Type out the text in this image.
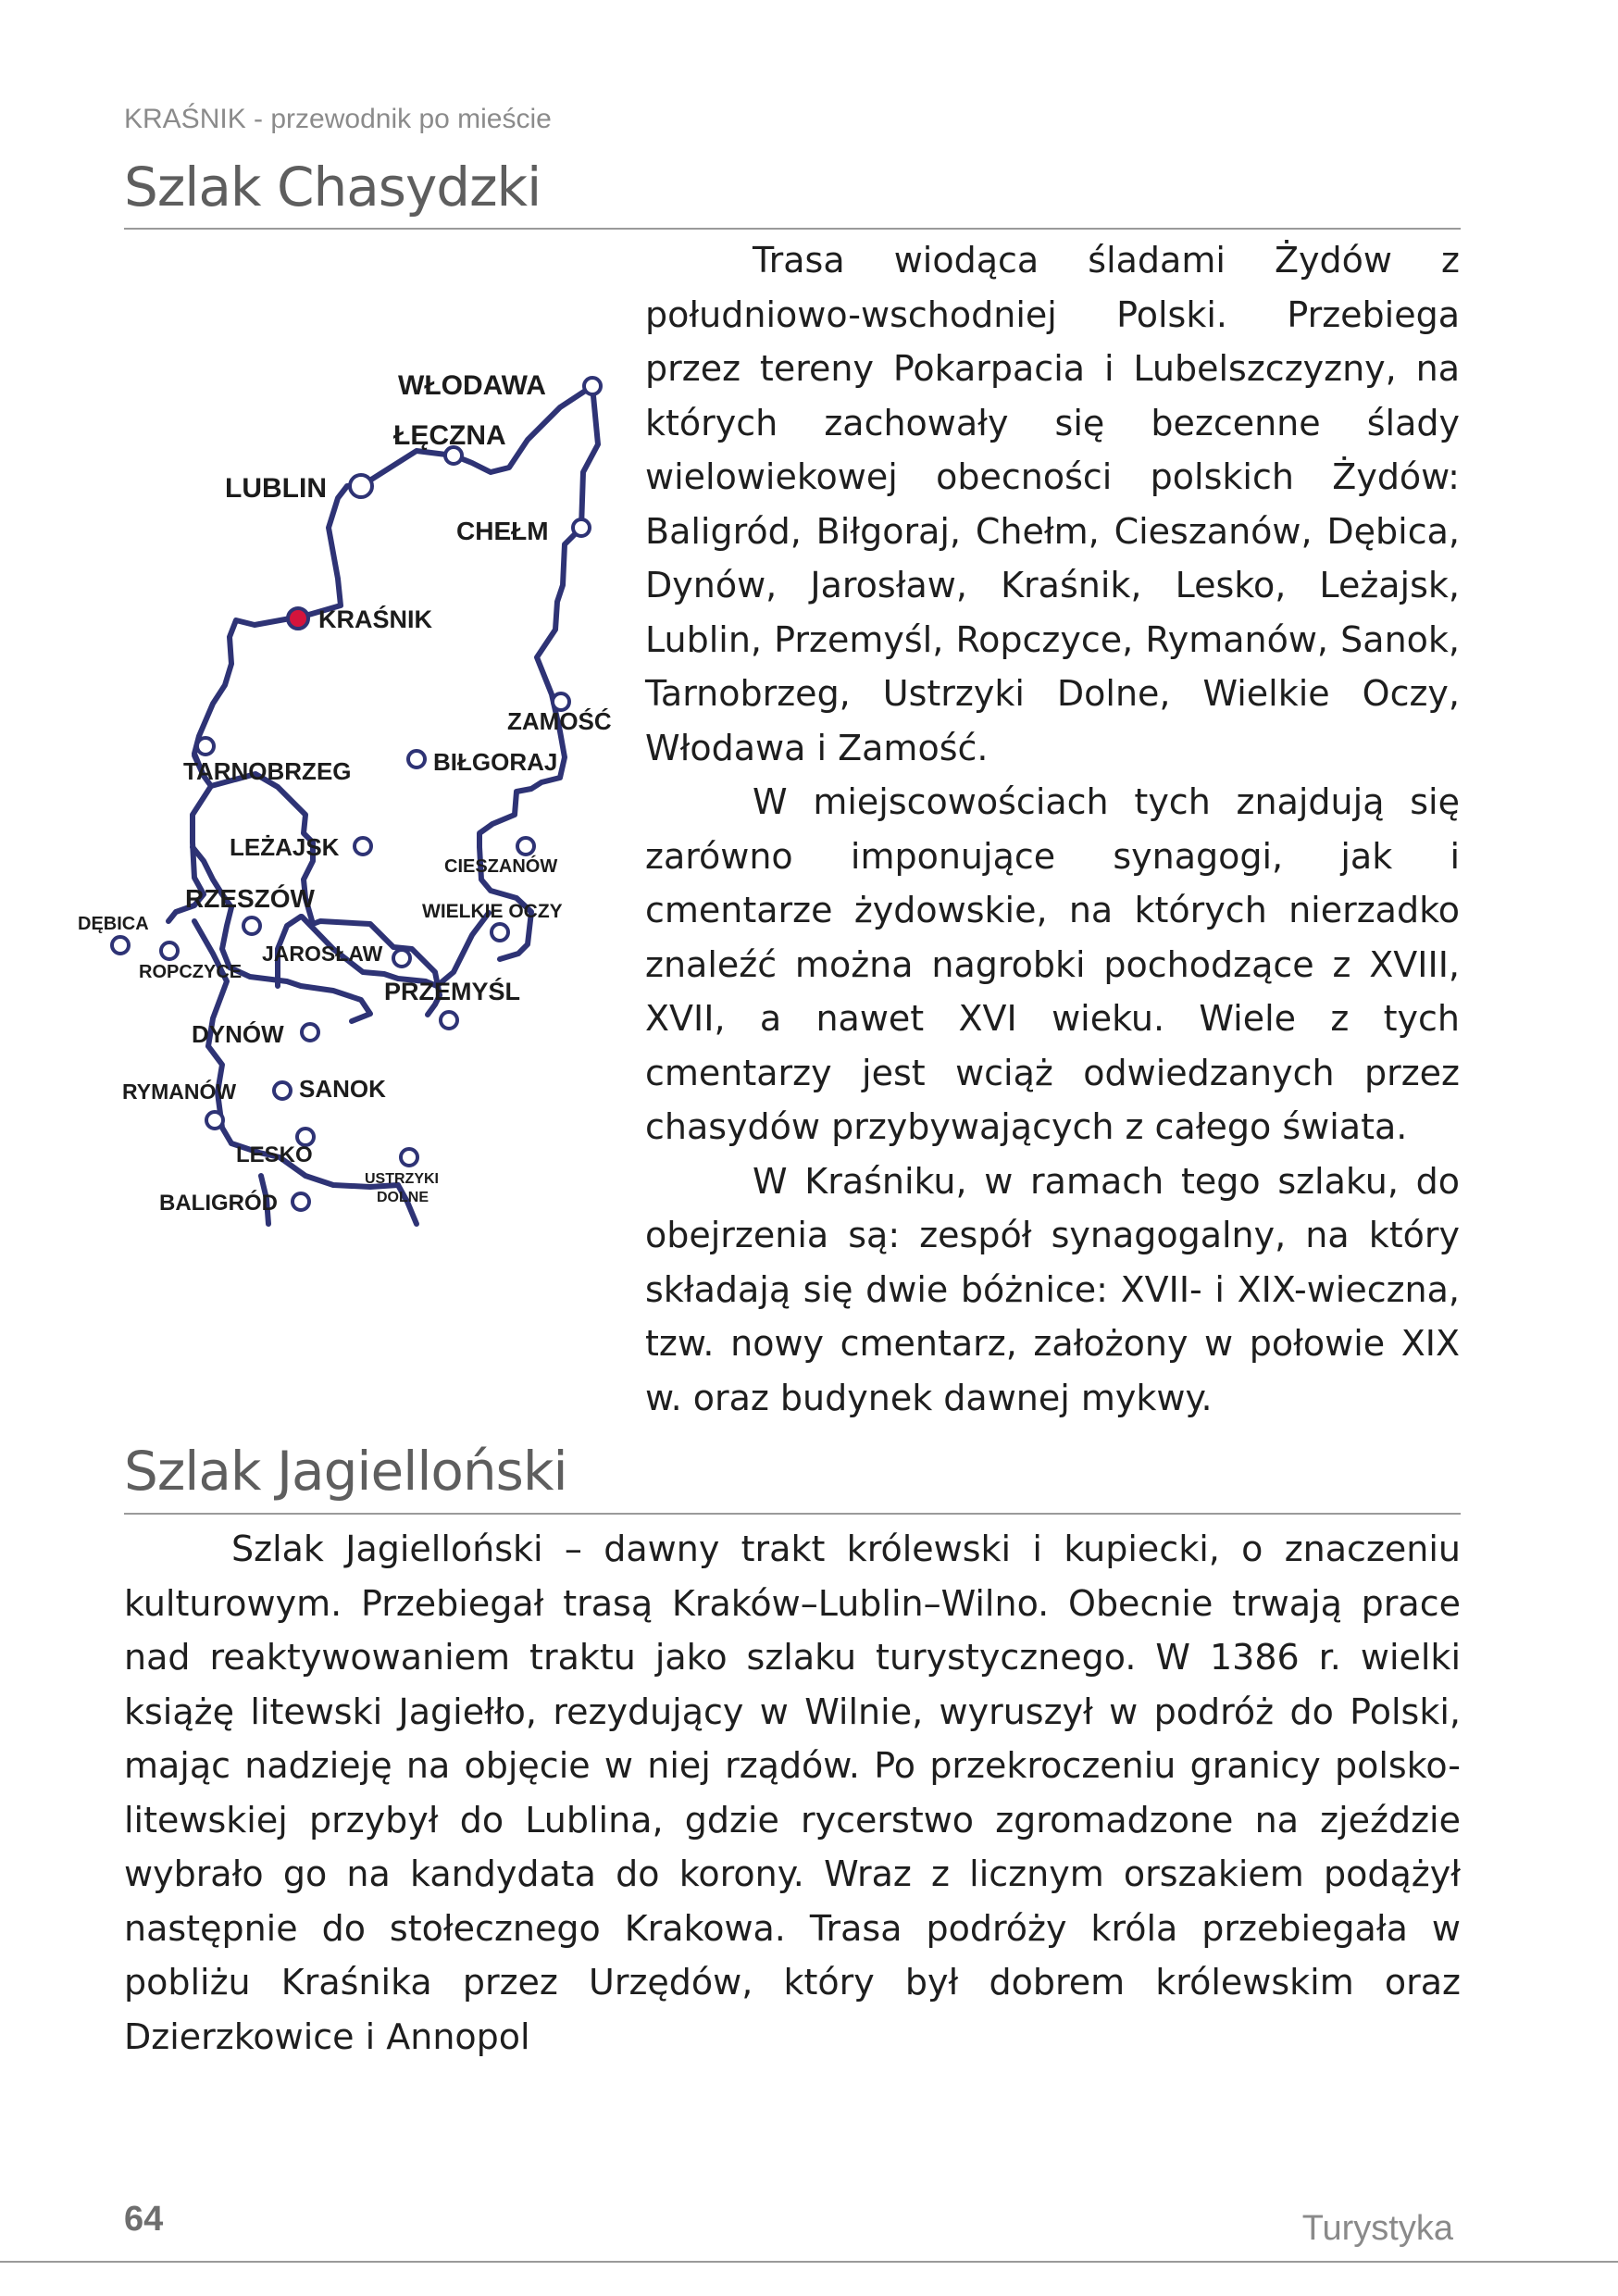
KRAŚNIK - przewodnik po mieście
Szlak Chasydzki
WŁODAWA
ŁĘCZNA
LUBLIN
CHEŁM
KRAŚNIK
ZAMOŚĆ
TARNOBRZEG	BIŁGORAJ
LEŻAJSK
CIESZANÓW
RZESZÓW	WIELKIE OCZY
DĘBICA
JAROSŁAW
ROPCZYCE
PRZEMYŚL
DYNÓW
RYMANÓW	SANOK
LESKO
USTRZYKI
DOLNE
BALIGRÓD

Trasa wiodąca śladami Żydów z południowo-wschodniej Polski. Przebiega przez tereny Pokarpacia i Lubelszczyzny, na których zachowały się bezcenne ślady wielowiekowej obecności polskich Żydów: Baligród, Biłgoraj, Chełm, Cieszanów, Dębica, Dynów, Jarosław, Kraśnik, Lesko, Leżajsk, Lublin, Przemyśl, Ropczyce, Rymanów, Sanok, Tarnobrzeg, Ustrzyki Dolne, Wielkie Oczy, Włodawa i Zamość.

W miejscowościach tych znajdują się zarówno imponujące synagogi, jak i cmentarze żydowskie, na których nierzadko znaleźć można nagrobki pochodzące z XVIII, XVII, a nawet XVI wieku. Wiele z tych cmentarzy jest wciąż odwiedzanych przez chasydów przybywających z całego świata.

W Kraśniku, w ramach tego szlaku, do obejrzenia są: zespół synagogalny, na który składają się dwie bóżnice: XVII- i XIX-wieczna, tzw. nowy cmentarz, założony w połowie XIX w. oraz budynek dawnej mykwy.

Szlak Jagielloński

Szlak Jagielloński – dawny trakt królewski i kupiecki, o znaczeniu kulturowym. Przebiegał trasą Kraków–Lublin–Wilno. Obecnie trwają prace nad reaktywowaniem traktu jako szlaku turystycznego. W 1386 r. wielki książę litewski Jagiełło, rezydujący w Wilnie, wyruszył w podróż do Polski, mając nadzieję na objęcie w niej rządów. Po przekroczeniu granicy polsko-litewskiej przybył do Lublina, gdzie rycerstwo zgromadzone na zjeździe wybrało go na kandydata do korony. Wraz z licznym orszakiem podążył następnie do stołecznego Krakowa. Trasa podróży króla przebiegała w pobliżu Kraśnika przez Urzędów, który był dobrem królewskim oraz Dzierzkowice i Annopol

64	Turystyka
